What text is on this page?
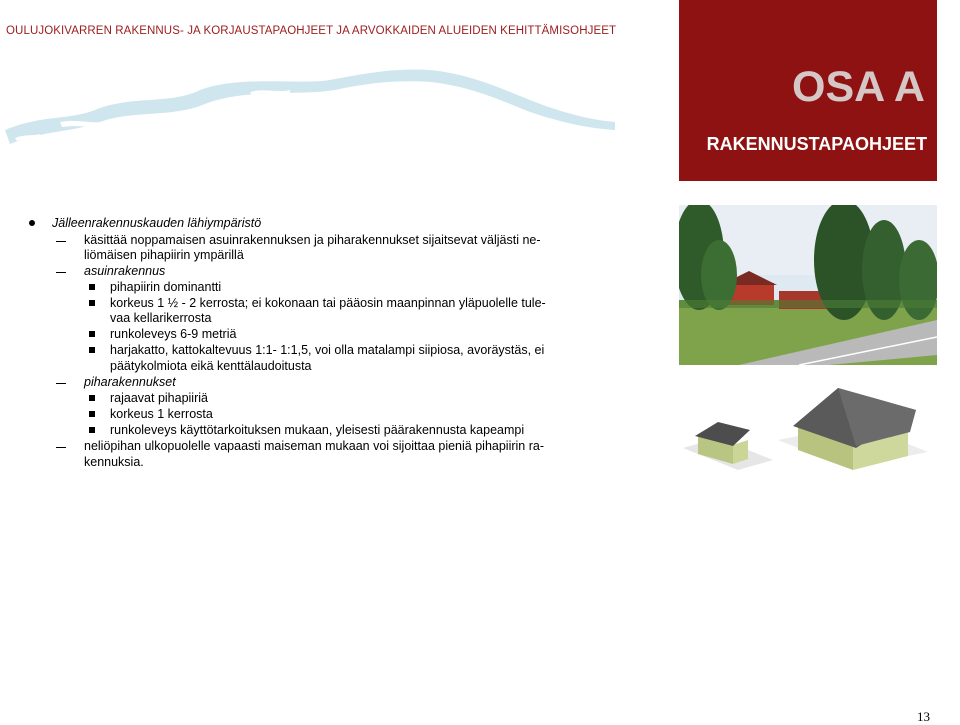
OULUJOKIVARREN RAKENNUS- JA KORJAUSTAPAOHJEET JA ARVOKKAIDEN ALUEIDEN KEHITTÄMISOHJEET
OSA A
RAKENNUSTAPAOHJEET
Jälleenrakennuskauden lähiympäristö
käsittää noppamaisen asuinrakennuksen ja piharakennukset sijaitsevat väljästi ne-
liömäisen pihapiirin ympärillä
asuinrakennus
pihapiirin dominantti
korkeus 1 ½ - 2 kerrosta; ei kokonaan tai pääosin maanpinnan yläpuolelle tule-
vaa kellarikerrosta
runkoleveys 6-9 metriä
harjakatto, kattokaltevuus 1:1- 1:1,5, voi olla matalampi siipiosa, avoräystäs, ei
päätykolmiota eikä kenttälaudoitusta
piharakennukset
rajaavat pihapiiriä
korkeus 1 kerrosta
runkoleveys käyttötarkoituksen mukaan, yleisesti päärakennusta kapeampi
neliöpihan ulkopuolelle vapaasti maiseman mukaan voi sijoittaa pieniä pihapiirin ra-
kennuksia.
13
